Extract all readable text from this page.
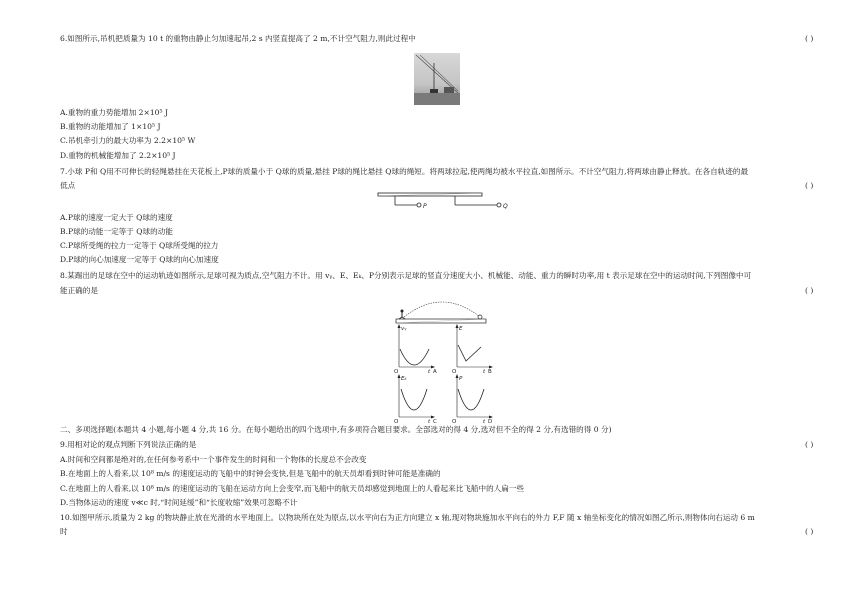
6.如图所示,吊机把质量为 10 t 的重物由静止匀加速起吊,2 s 内竖直提高了 2 m,不计空气阻力,则此过程中	( )
A.重物的重力势能增加 2×10⁵ J
B.重物的动能增加了 1×10⁵ J
C.吊机牵引力的最大功率为 2.2×10⁵ W
D.重物的机械能增加了 2.2×10⁵ J
7.小球 P和 Q用不可伸长的轻绳悬挂在天花板上,P球的质量小于 Q球的质量,悬挂 P球的绳比悬挂 Q球的绳短。将两球拉起,使两绳均被水平拉直,如图所示。不计空气阻力,将两球由静止释放。在各自轨迹的最
低点	( )
P	Q
A.P球的速度一定大于 Q球的速度
B.P球的动能一定等于 Q球的动能
C.P球所受绳的拉力一定等于 Q球所受绳的拉力
D.P球的向心加速度一定等于 Q球的向心加速度
8.某踢出的足球在空中的运动轨迹如图所示,足球可视为质点,空气阻力不计。用 vᵧ、E、Eₖ、P分别表示足球的竖直分速度大小、机械能、动能、重力的瞬时功率,用 t 表示足球在空中的运动时间,下列图像中可
能正确的是	( )
vᵧ
O	t A
E
O	t B
Eₖ
O	t C
P
O	t D
二、多项选择题(本题共 4 小题,每小题 4 分,共 16 分。在每小题给出的四个选项中,有多项符合题目要求。全部选对的得 4 分,选对但不全的得 2 分,有选错的得 0 分)
9.用相对论的观点判断下列说法正确的是	( )
A.时间和空间都是绝对的,在任何参考系中一个事件发生的时间和一个物体的长度总不会改变
B.在地面上的人看来,以 10⁸ m/s 的速度运动的飞船中的时钟会变快,但是飞船中的航天员却看到时钟可能是准确的
C.在地面上的人看来,以 10⁸ m/s 的速度运动的飞船在运动方向上会变窄,而飞船中的航天员却感觉到地面上的人看起来比飞船中的人扁一些
D.当物体运动的速度 v≪c 时,“时间延缓”和“长度收缩”效果可忽略不计
10.如图甲所示,质量为 2 kg 的物块静止放在光滑的水平地面上。以物块所在处为原点,以水平向右为正方向建立 x 轴,现对物块施加水平向右的外力 F,F 随 x 轴坐标变化的情况如图乙所示,则物体向右运动 6 m
时	( )
